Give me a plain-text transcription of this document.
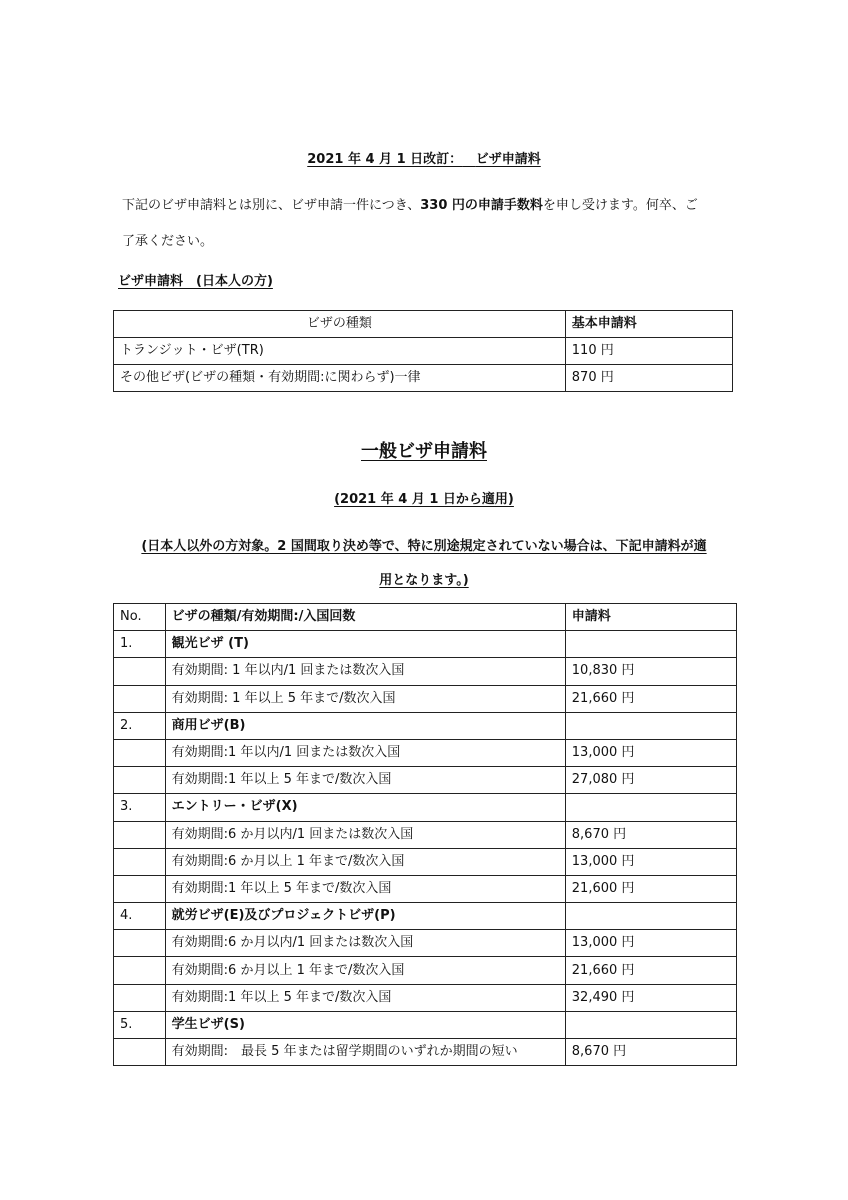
2021 年 4 月 1 日改訂： ビザ申請料
下記のビザ申請料とは別に、ビザ申請一件につき、330 円の申請手数料を申し受けます。何卒、ご
了承ください。
ビザ申請料　(日本人の方)
ビザの種類	基本申請料
トランジット・ビザ(TR)	110 円
その他ビザ(ビザの種類・有効期間:に関わらず)一律	870 円
一般ビザ申請料
(2021 年 4 月 1 日から適用)
(日本人以外の方対象。2 国間取り決め等で、特に別途規定されていない場合は、下記申請料が適
用となります。)
No.	ビザの種類/有効期間:/入国回数	申請料
1.	観光ビザ (T)	
	有効期間: 1 年以内/1 回または数次入国	10,830 円
	有効期間: 1 年以上 5 年まで/数次入国	21,660 円
2.	商用ビザ(B)	
	有効期間:1 年以内/1 回または数次入国	13,000 円
	有効期間:1 年以上 5 年まで/数次入国	27,080 円
3.	エントリー・ビザ(X)	
	有効期間:6 か月以内/1 回または数次入国	8,670 円
	有効期間:6 か月以上 1 年まで/数次入国	13,000 円
	有効期間:1 年以上 5 年まで/数次入国	21,600 円
4.	就労ビザ(E)及びプロジェクトビザ(P)	
	有効期間:6 か月以内/1 回または数次入国	13,000 円
	有効期間:6 か月以上 1 年まで/数次入国	21,660 円
	有効期間:1 年以上 5 年まで/数次入国	32,490 円
5.	学生ビザ(S)	
	有効期間:　最長 5 年または留学期間のいずれか期間の短い	8,670 円
